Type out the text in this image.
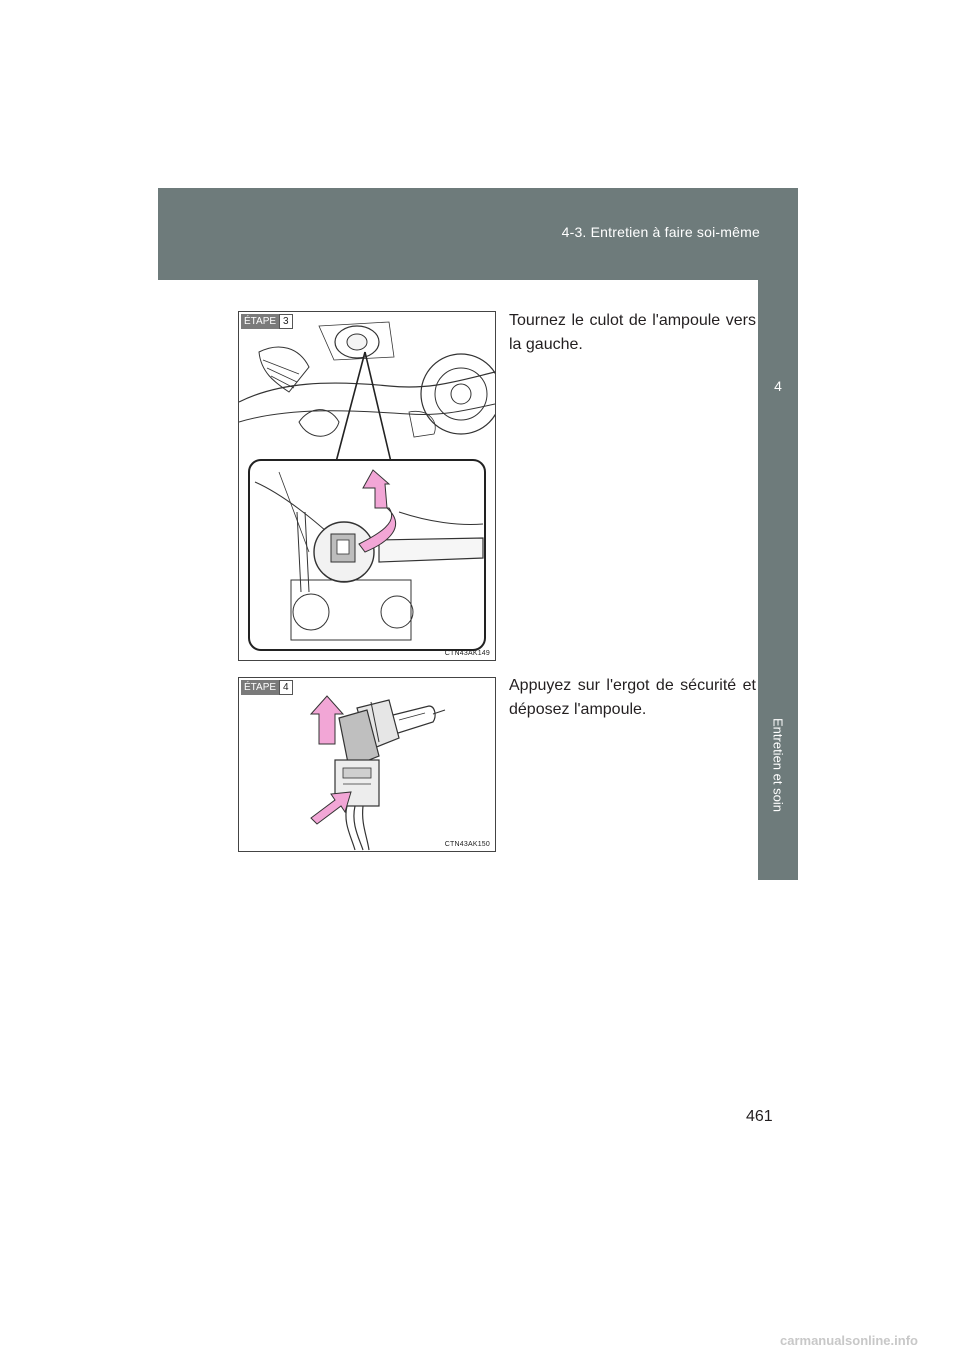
4-3. Entretien à faire soi-même
4
Entretien et soin
ÉTAPE 3
CTN43AK149
Tournez le culot de l'ampoule vers la gauche.
ÉTAPE 4
CTN43AK150
Appuyez sur l'ergot de sécurité et déposez l'ampoule.
461
carmanualsonline.info
